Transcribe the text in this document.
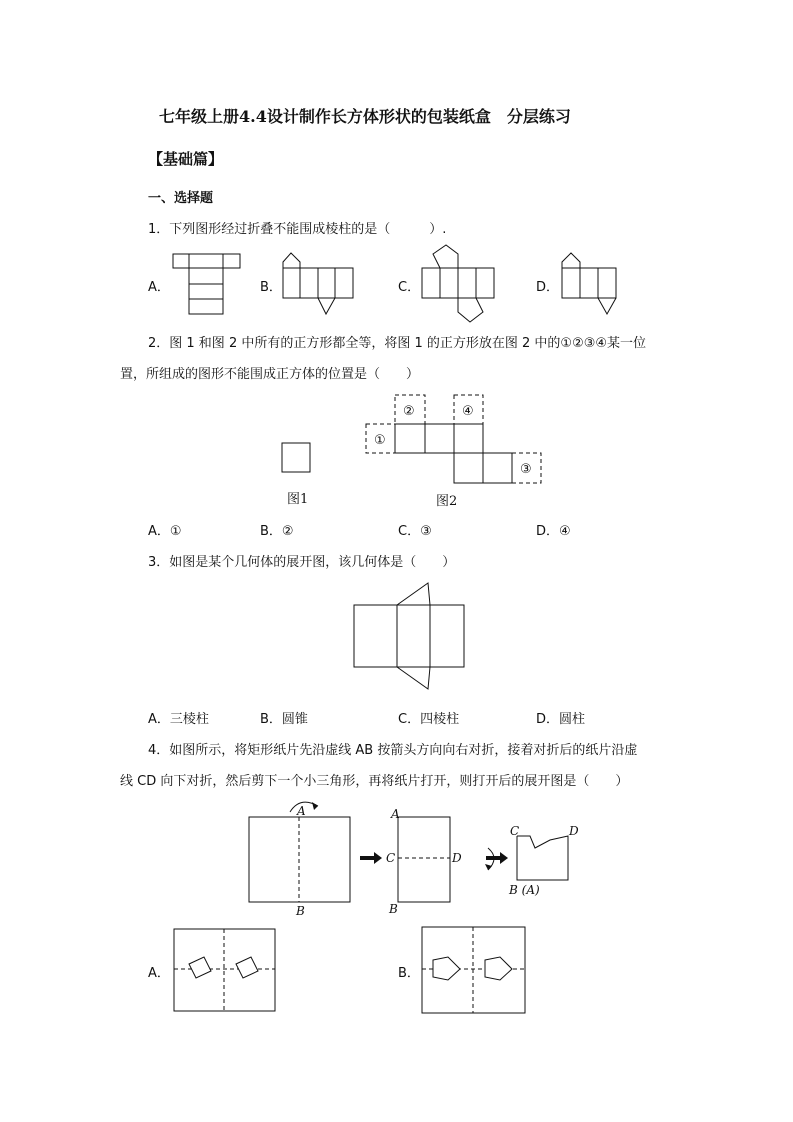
七年级上册4.4设计制作长方体形状的包装纸盒　分层练习
【基础篇】
一、选择题
1．下列图形经过折叠不能围成棱柱的是（　　　）.
A．	B．	C．	D．
2．图 1 和图 2 中所有的正方形都全等，将图 1 的正方形放在图 2 中的①②③④某一位
置，所组成的图形不能围成正方体的位置是（　　）
①
②	④
③
图1	图2
A．①	B．②	C．③	D．④
3．如图是某个几何体的展开图，该几何体是（　　）
A．三棱柱	B．圆锥	C．四棱柱	D．圆柱
4．如图所示，将矩形纸片先沿虚线 AB 按箭头方向向右对折，接着对折后的纸片沿虚
线 CD 向下对折，然后剪下一个小三角形，再将纸片打开，则打开后的展开图是（　　）
A
B
A
C	D
B
C	D
B (A)
A．	B．
